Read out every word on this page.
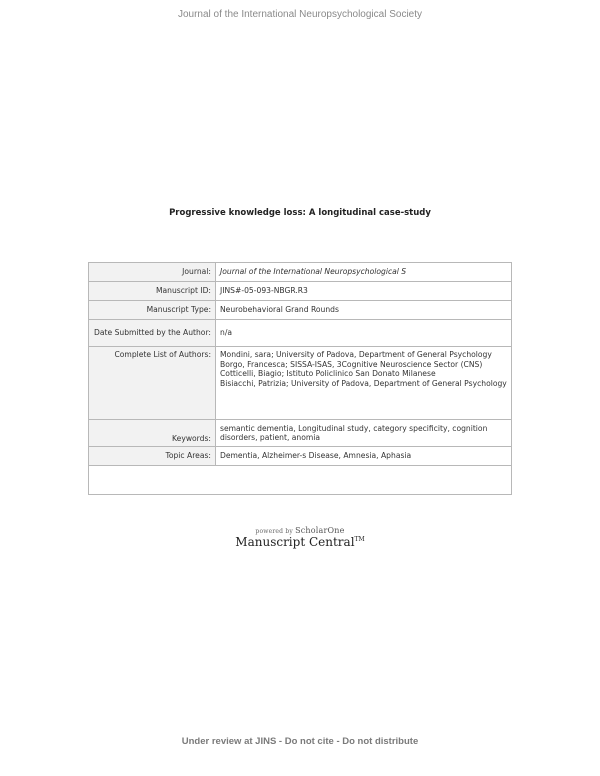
Journal of the International Neuropsychological Society
Progressive knowledge loss: A longitudinal case-study
Journal:	Journal of the International Neuropsychological S
Manuscript ID:	JINS#-05-093-NBGR.R3
Manuscript Type:	Neurobehavioral Grand Rounds
Date Submitted by the Author:	n/a
Complete List of Authors:	Mondini, sara; University of Padova, Department of General Psychology
Borgo, Francesca; SISSA-ISAS, 3Cognitive Neuroscience Sector (CNS)
Cotticelli, Biagio; Istituto Policlinico San Donato Milanese
Bisiacchi, Patrizia; University of Padova, Department of General Psychology

Keywords:	semantic dementia, Longitudinal study, category specificity, cognition disorders, patient, anomia
Topic Areas:	Dementia, Alzheimer-s Disease, Amnesia, Aphasia

powered by ScholarOne
Manuscript Central™
Under review at JINS - Do not cite - Do not distribute
